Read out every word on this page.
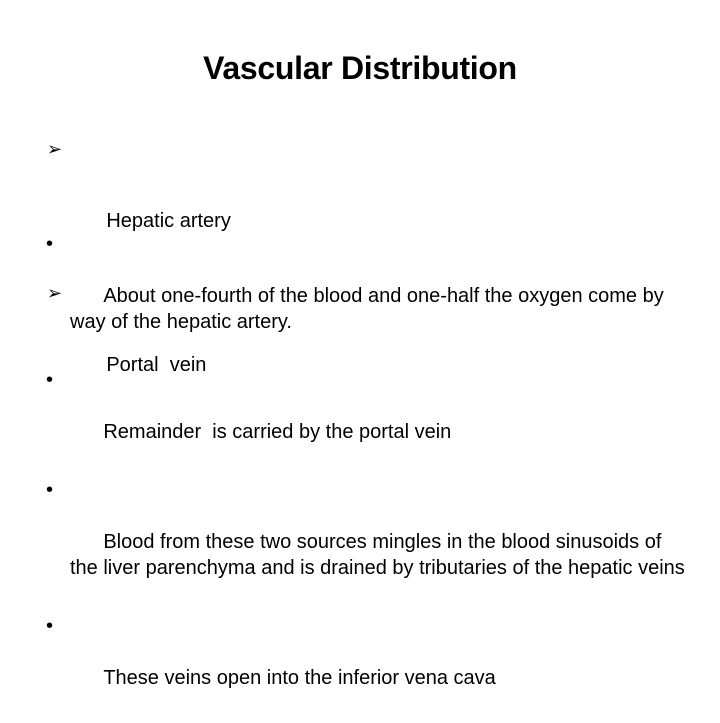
Vascular Distribution

➢

Hepatic artery

➢

Portal  vein

•

About one-fourth of the blood and one-half the oxygen come by way of the hepatic artery.

•

Remainder  is carried by the portal vein

•

Blood from these two sources mingles in the blood sinusoids of the liver parenchyma and is drained by tributaries of the hepatic veins

•

These veins open into the inferior vena cava
